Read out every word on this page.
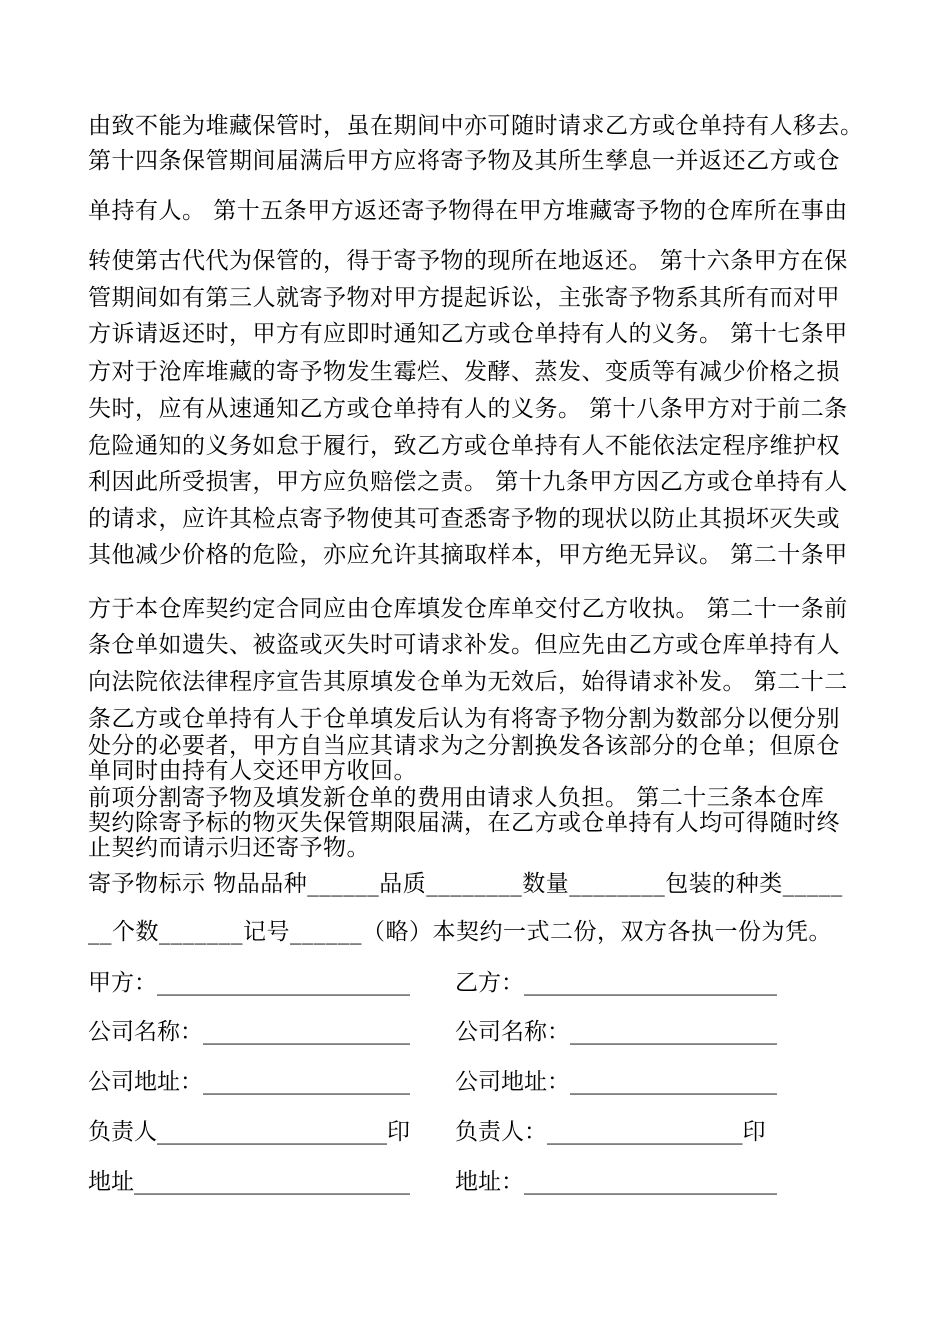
由致不能为堆藏保管时，虽在期间中亦可随时请求乙方或仓单持有人移去。
第十四条保管期间届满后甲方应将寄予物及其所生孳息一并返还乙方或仓
单持有人。 第十五条甲方返还寄予物得在甲方堆藏寄予物的仓库所在事由
转使第古代代为保管的，得于寄予物的现所在地返还。 第十六条甲方在保
管期间如有第三人就寄予物对甲方提起诉讼，主张寄予物系其所有而对甲
方诉请返还时，甲方有应即时通知乙方或仓单持有人的义务。 第十七条甲
方对于沧库堆藏的寄予物发生霉烂、发酵、蒸发、变质等有减少价格之损
失时，应有从速通知乙方或仓单持有人的义务。 第十八条甲方对于前二条
危险通知的义务如怠于履行，致乙方或仓单持有人不能依法定程序维护权
利因此所受损害，甲方应负赔偿之责。 第十九条甲方因乙方或仓单持有人
的请求，应许其检点寄予物使其可查悉寄予物的现状以防止其损坏灭失或
其他减少价格的危险，亦应允许其摘取样本，甲方绝无异议。 第二十条甲
方于本仓库契约定合同应由仓库填发仓库单交付乙方收执。 第二十一条前
条仓单如遗失、被盗或灭失时可请求补发。但应先由乙方或仓库单持有人
向法院依法律程序宣告其原填发仓单为无效后，始得请求补发。 第二十二
条乙方或仓单持有人于仓单填发后认为有将寄予物分割为数部分以便分别
处分的必要者，甲方自当应其请求为之分割换发各该部分的仓单；但原仓
单同时由持有人交还甲方收回。
前项分割寄予物及填发新仓单的费用由请求人负担。 第二十三条本仓库
契约除寄予标的物灭失保管期限届满，在乙方或仓单持有人均可得随时终
止契约而请示归还寄予物。
寄予物标示 物品品种______品质________数量________包装的种类_____
__个数_______记号______（略）本契约一式二份，双方各执一份为凭。
甲方：______________________
公司名称：__________________
公司地址：__________________
负责人____________________印
地址________________________
乙方：______________________
公司名称：__________________
公司地址：__________________
负责人：_________________印
地址：______________________
